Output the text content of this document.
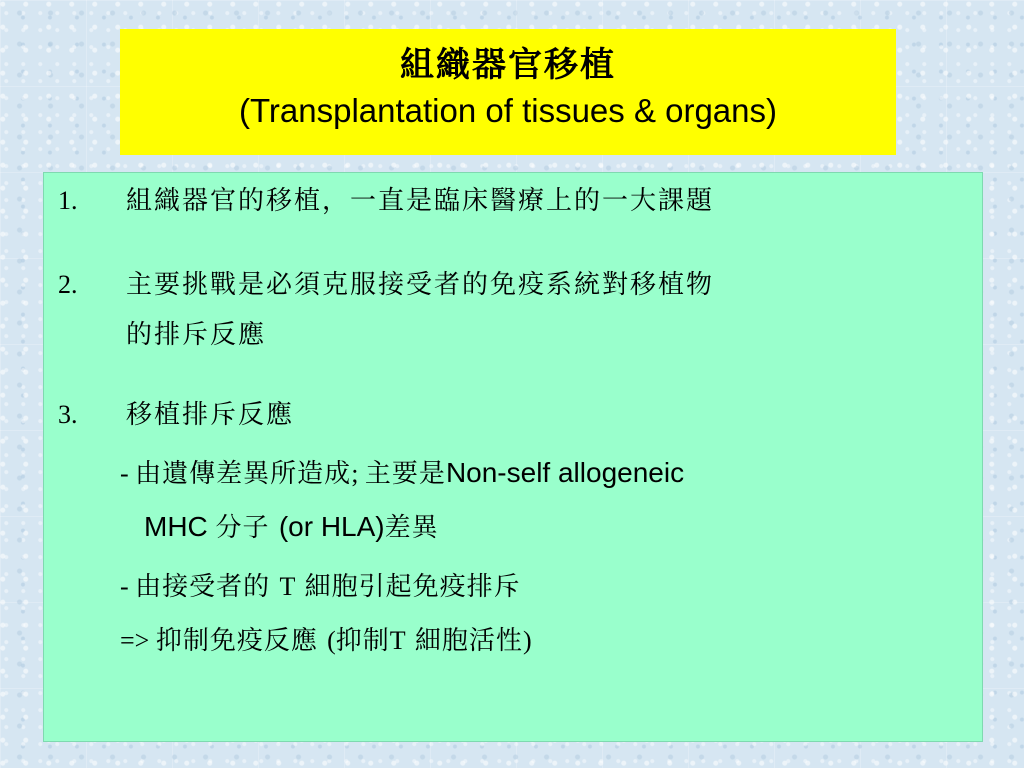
組織器官移植
(Transplantation of tissues & organs)
1.	組織器官的移植，一直是臨床醫療上的一大課題
2.	主要挑戰是必須克服接受者的免疫系統對移植物
的排斥反應
3.	移植排斥反應
- 由遺傳差異所造成; 主要是Non-self allogeneic
MHC 分子 (or HLA)差異
- 由接受者的 T 細胞引起免疫排斥
=> 抑制免疫反應 (抑制T 細胞活性)
